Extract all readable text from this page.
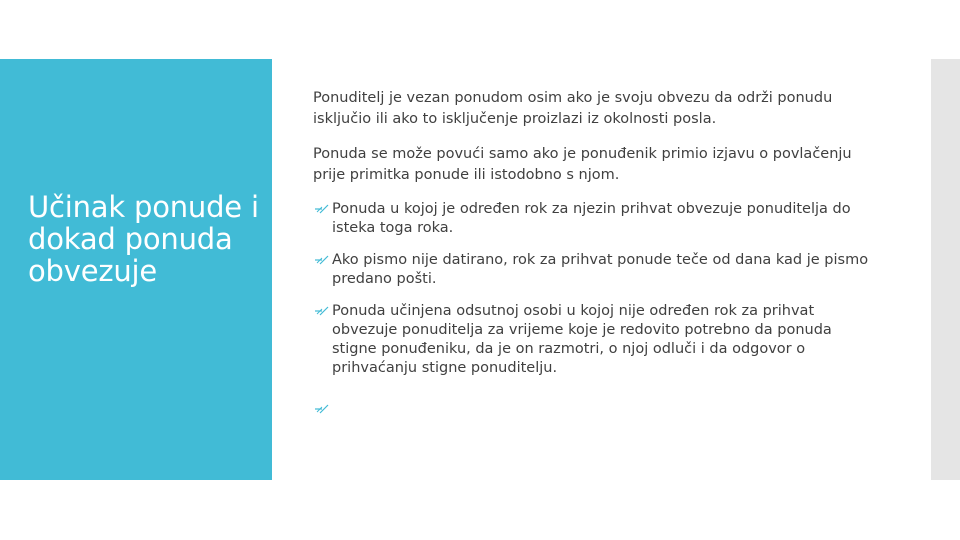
Učinak ponude i dokad ponuda obvezuje

Ponuditelj je vezan ponudom osim ako je svoju obvezu da održi ponudu isključio ili ako to isključenje proizlazi iz okolnosti posla.

Ponuda se može povući samo ako je ponuđenik primio izjavu o povlačenju prije primitka ponude ili istodobno s njom.

Ponuda u kojoj je određen rok za njezin prihvat obvezuje ponuditelja do isteka toga roka.
Ako pismo nije datirano, rok za prihvat ponude teče od dana kad je pismo predano pošti.
Ponuda učinjena odsutnoj osobi u kojoj nije određen rok za prihvat obvezuje ponuditelja za vrijeme koje je redovito potrebno da ponuda stigne ponuđeniku, da je on razmotri, o njoj odluči i da odgovor o prihvaćanju stigne ponuditelju.
